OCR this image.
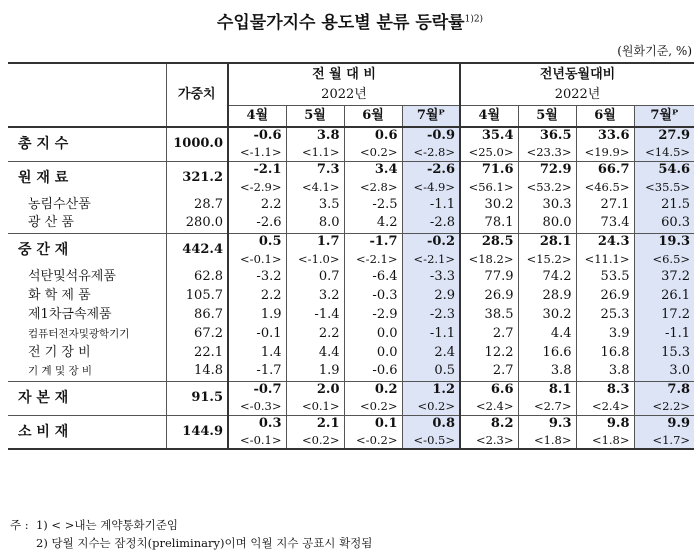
수입물가지수 용도별 분류 등락률$^{1)2)}$
(원화기준, %)
	가중치	전 월 대 비				전년동월대비			
		2022년				2022년			
		4월	5월	6월	7월ᴾ	4월	5월	6월	7월ᴾ
총 지 수	1000.0	-0.6	3.8	0.6	-0.9	35.4	36.5	33.6	27.9
		<-1.1>	<1.1>	<0.2>	<-2.8>	<25.0>	<23.3>	<19.9>	<14.5>
원 재 료	321.2	-2.1	7.3	3.4	-2.6	71.6	72.9	66.7	54.6
		<-2.9>	<4.1>	<2.8>	<-4.9>	<56.1>	<53.2>	<46.5>	<35.5>
농림수산품	28.7	2.2	3.5	-2.5	-1.1	30.2	30.3	27.1	21.5
광 산 품	280.0	-2.6	8.0	4.2	-2.8	78.1	80.0	73.4	60.3
중 간 재	442.4	0.5	1.7	-1.7	-0.2	28.5	28.1	24.3	19.3
		<-0.1>	<-1.0>	<-2.1>	<-2.1>	<18.2>	<15.2>	<11.1>	<6.5>
석탄및석유제품	62.8	-3.2	0.7	-6.4	-3.3	77.9	74.2	53.5	37.2
화 학 제 품	105.7	2.2	3.2	-0.3	2.9	26.9	28.9	26.9	26.1
제1차금속제품	86.7	1.9	-1.4	-2.9	-2.3	38.5	30.2	25.3	17.2
컴퓨터전자및광학기기	67.2	-0.1	2.2	0.0	-1.1	2.7	4.4	3.9	-1.1
전 기 장 비	22.1	1.4	4.4	0.0	2.4	12.2	16.6	16.8	15.3
기 계 및 장 비	14.8	-1.7	1.9	-0.6	0.5	2.7	3.8	3.8	3.0
자 본 재	91.5	-0.7	2.0	0.2	1.2	6.6	8.1	8.3	7.8
		<-0.3>	<0.1>	<0.2>	<0.2>	<2.4>	<2.7>	<2.4>	<2.2>
소 비 재	144.9	0.3	2.1	0.1	0.8	8.2	9.3	9.8	9.9
		<-0.1>	<0.2>	<-0.2>	<-0.5>	<2.3>	<1.8>	<1.8>	<1.7>
주 : 1) < >내는 계약통화기준임
2) 당월 지수는 잠정치(preliminary)이며 익월 지수 공표시 확정됨
